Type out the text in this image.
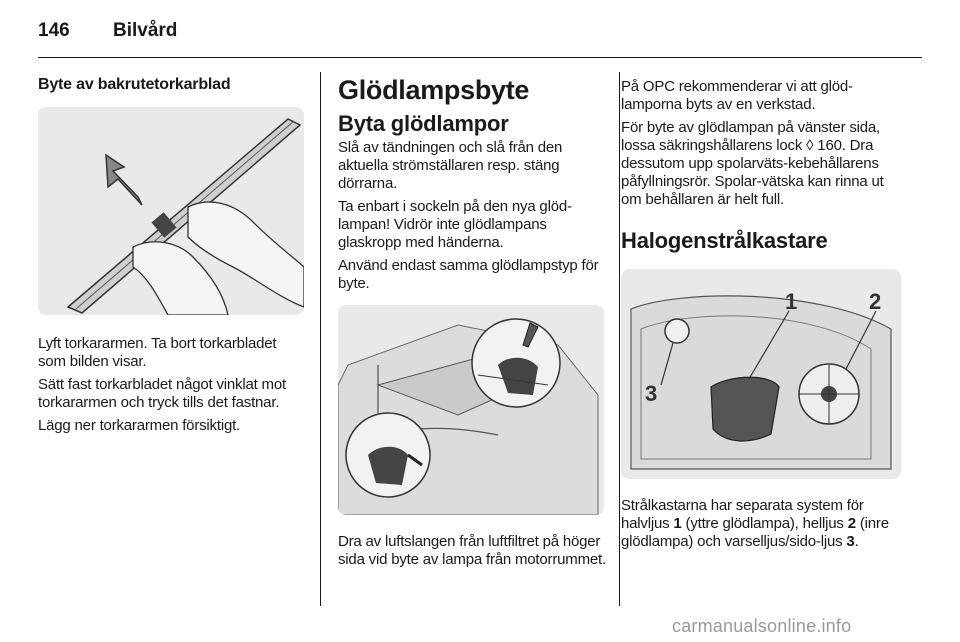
146 Bilvård
Byte av bakrutetorkarblad

Lyft torkararmen. Ta bort torkarbladet som bilden visar.

Sätt fast torkarbladet något vinklat mot torkararmen och tryck tills det fastnar.

Lägg ner torkararmen försiktigt.

Glödlampsbyte
Byta glödlampor

Slå av tändningen och slå från den aktuella strömställaren resp. stäng dörrarna.

Ta enbart i sockeln på den nya glöd-lampan! Vidrör inte glödlampans glaskropp med händerna.

Använd endast samma glödlampstyp för byte.

Dra av luftslangen från luftfiltret på höger sida vid byte av lampa från motorrummet.

På OPC rekommenderar vi att glöd-lamporna byts av en verkstad.

För byte av glödlampan på vänster sida, lossa säkringshållarens lock ◊ 160. Dra dessutom upp spolarväts-kebehållarens påfyllningsrör. Spolar-vätska kan rinna ut om behållaren är helt full.

Halogenstrålkastare
1	2
3

Strålkastarna har separata system för halvljus 1 (yttre glödlampa), helljus 2 (inre glödlampa) och varselljus/sido-ljus 3.

carmanualsonline.info
